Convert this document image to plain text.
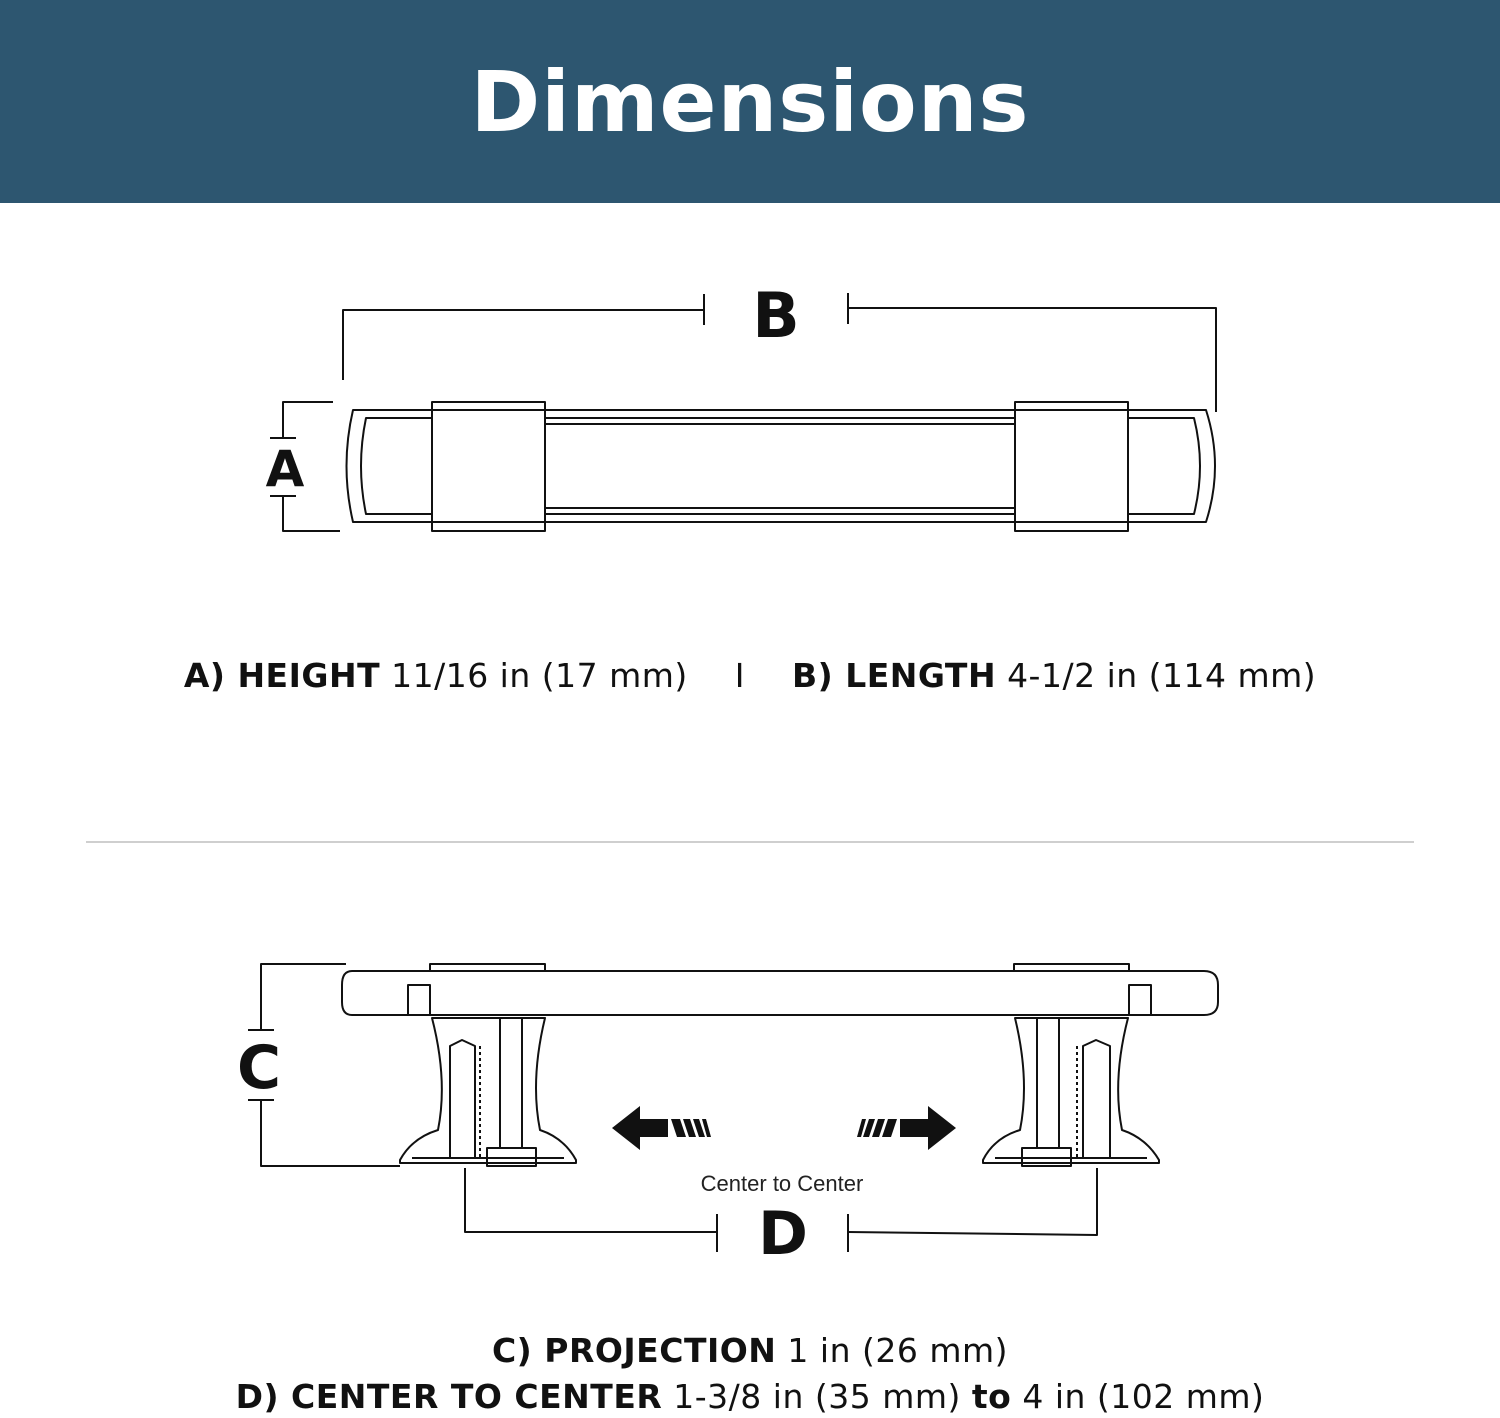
Dimensions
B
A
C
Center to Center
D
A) HEIGHT 11/16 in (17 mm) I B) LENGTH 4-1/2 in (114 mm)
C) PROJECTION 1 in (26 mm)
D) CENTER TO CENTER 1-3/8 in (35 mm) to 4 in (102 mm)
